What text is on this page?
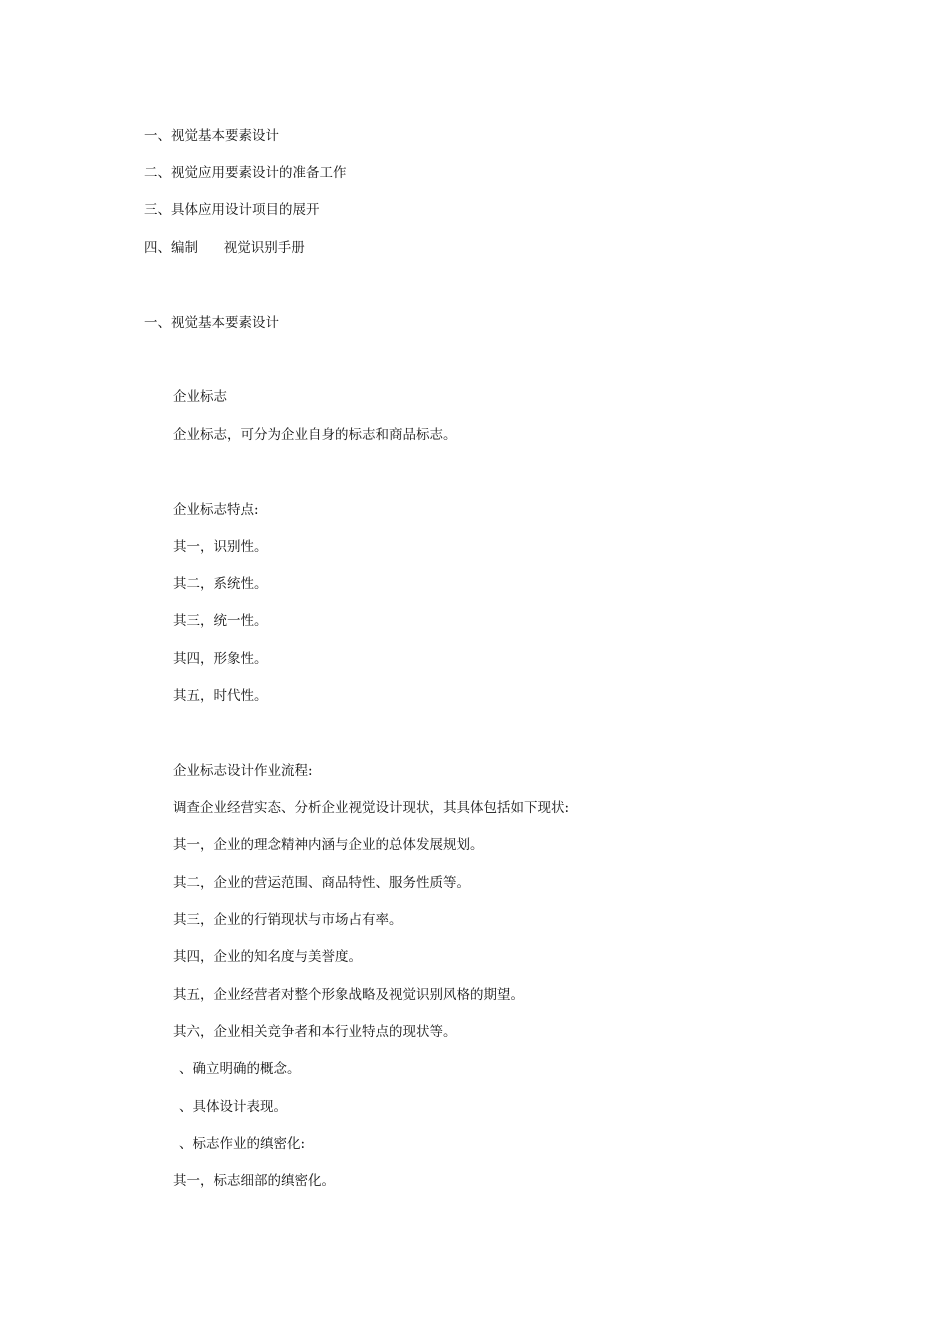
一、视觉基本要素设计
二、视觉应用要素设计的准备工作
三、具体应用设计项目的展开
四、编制      视觉识别手册
一、视觉基本要素设计
企业标志
企业标志，可分为企业自身的标志和商品标志。
企业标志特点:
其一，识别性。
其二，系统性。
其三，统一性。
其四，形象性。
其五，时代性。
企业标志设计作业流程:
调查企业经营实态、分析企业视觉设计现状，其具体包括如下现状:
其一，企业的理念精神内涵与企业的总体发展规划。
其二，企业的营运范围、商品特性、服务性质等。
其三，企业的行销现状与市场占有率。
其四，企业的知名度与美誉度。
其五，企业经营者对整个形象战略及视觉识别风格的期望。
其六，企业相关竞争者和本行业特点的现状等。
、确立明确的概念。
、具体设计表现。
、标志作业的缜密化:
其一，标志细部的缜密化。
